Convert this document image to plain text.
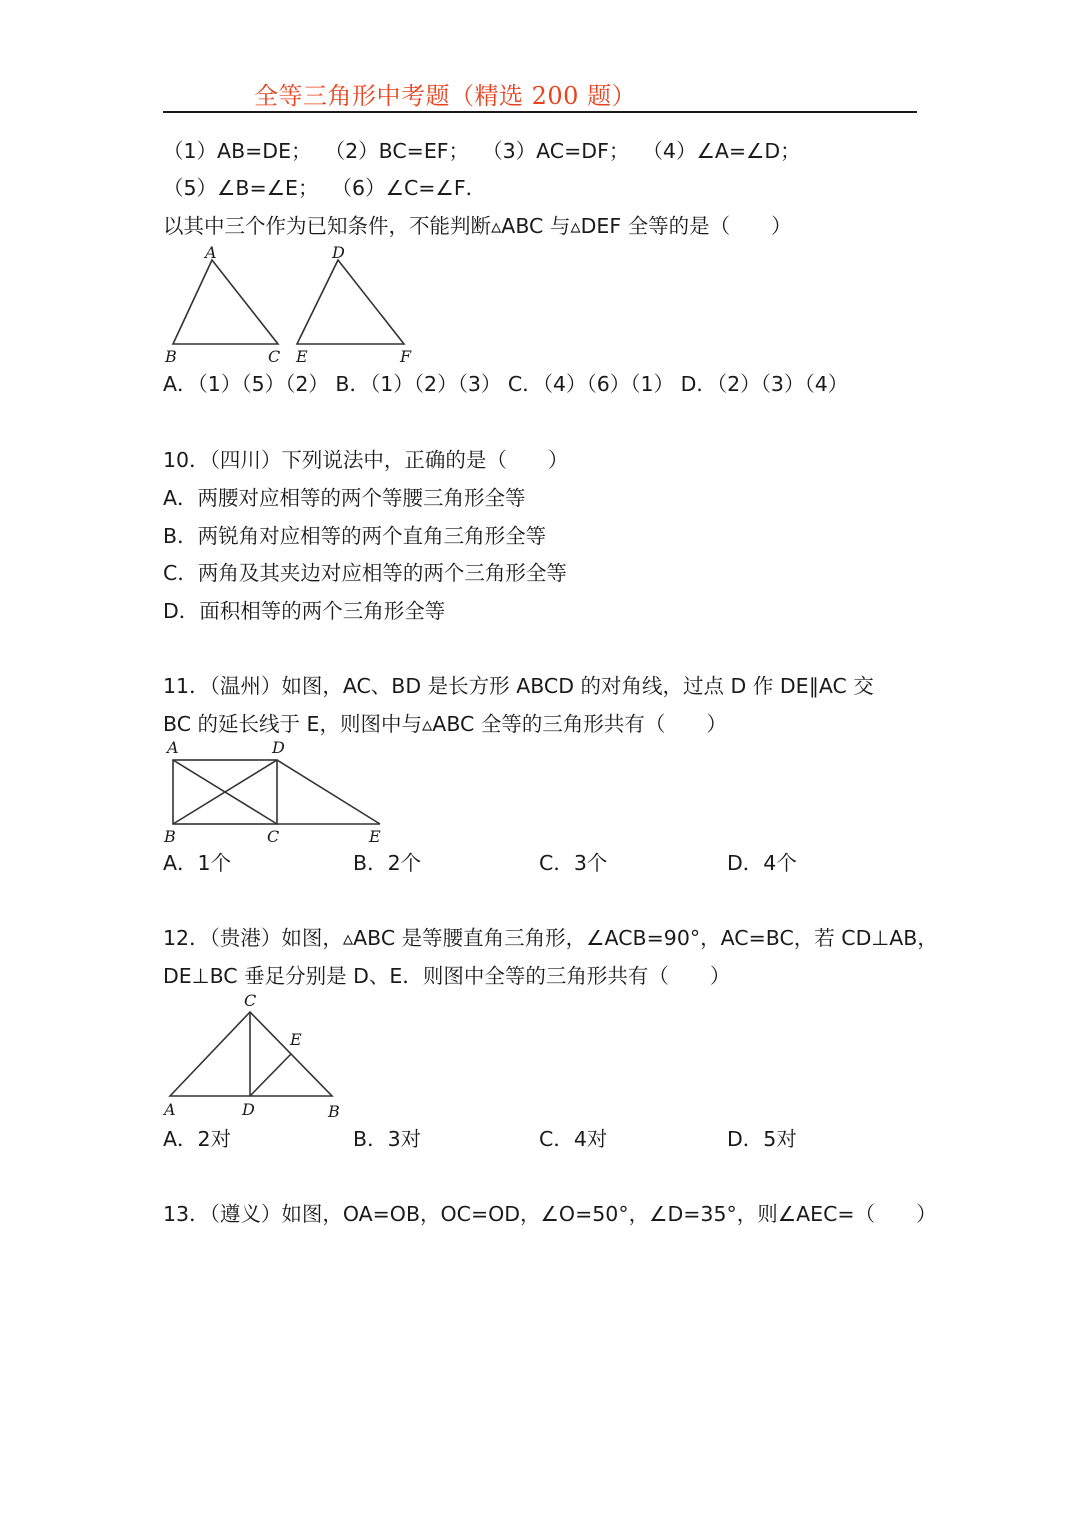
全等三角形中考题（精选 200 题）
（1）AB=DE；  （2）BC=EF；  （3）AC=DF；  （4）∠A=∠D；
（5）∠B=∠E；  （6）∠C=∠F．
以其中三个作为已知条件，不能判断▵ABC 与▵DEF 全等的是（　　）
A
B	C
D
E	F
A．（1）（5）（2） B．（1）（2）（3） C．（4）（6）（1） D．（2）（3）（4）
10．（四川）下列说法中，正确的是（　　）
A．两腰对应相等的两个等腰三角形全等
B．两锐角对应相等的两个直角三角形全等
C．两角及其夹边对应相等的两个三角形全等
D．面积相等的两个三角形全等
11．（温州）如图，AC、BD 是长方形 ABCD 的对角线，过点 D 作 DE∥AC 交
BC 的延长线于 E，则图中与▵ABC 全等的三角形共有（　　）
A	D
B	C	E
A．1个	B．2个	C．3个	D．4个
12．（贵港）如图，▵ABC 是等腰直角三角形，∠ACB=90°，AC=BC，若 CD⊥AB，
DE⊥BC 垂足分别是 D、E．则图中全等的三角形共有（　　）
C
E
A	D	B
A．2对	B．3对	C．4对	D．5对
13．（遵义）如图，OA=OB，OC=OD，∠O=50°，∠D=35°，则∠AEC=（　　）
